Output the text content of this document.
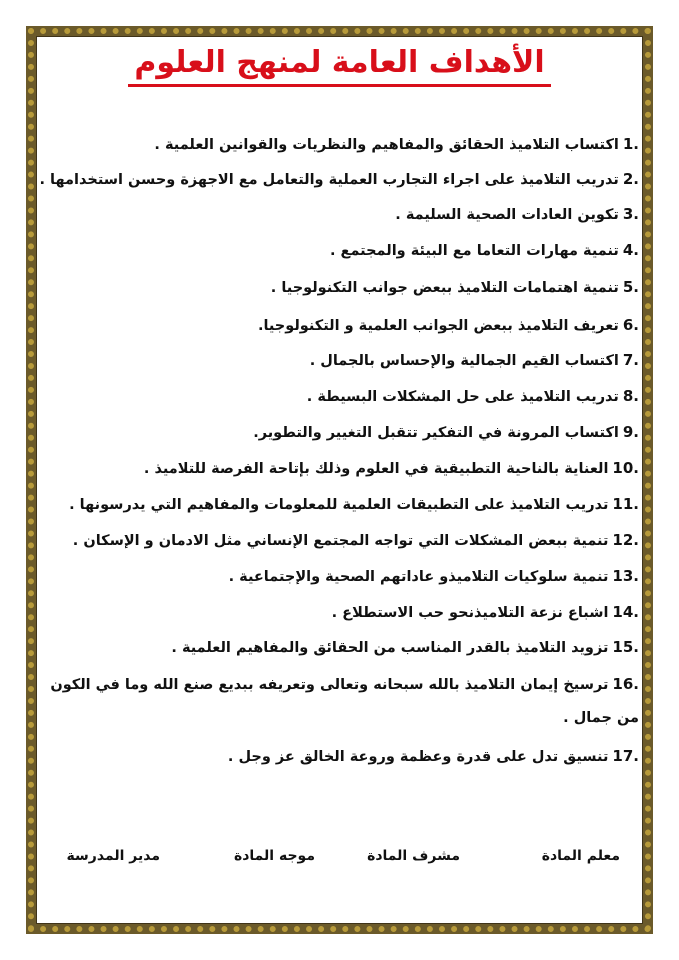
الأهداف العامة لمنهج العلوم
1.اكتساب التلاميذ الحقائق والمفاهيم والنظريات والقوانين العلمية .
2.تدريب التلاميذ على اجراء التجارب العملية والتعامل مع الاجهزة وحسن استخدامها .
3.تكوين العادات الصحية السليمة .
4.تنمية مهارات التعاما مع البيئة والمجتمع .
5.تنمية اهتمامات التلاميذ ببعض جوانب التكنولوجيا .
6.تعريف التلاميذ ببعض الجوانب العلمية و التكنولوجيا.
7.اكتساب القيم الجمالية والإحساس بالجمال .
8.تدريب التلاميذ على حل المشكلات البسيطة .
9.اكتساب المرونة في التفكير تتقبل التغيير والتطوير.
10.العناية بالناحية التطبيقية في العلوم وذلك بإتاحة الفرصة للتلاميذ .
11.تدريب التلاميذ على التطبيقات العلمية للمعلومات والمفاهيم التي يدرسونها .
12.تنمية ببعض المشكلات التي تواجه المجتمع الإنساني مثل الادمان و الإسكان .
13.تنمية سلوكيات التلاميذو عاداتهم الصحية والإجتماعية .
14.اشباع نزعة التلاميذنحو حب الاستطلاع .
15.تزويد التلاميذ بالقدر المناسب من الحقائق والمفاهيم العلمية .
16.ترسيخ إيمان التلاميذ بالله سبحانه وتعالى وتعريفه ببديع صنع الله وما في الكون من جمال .
17.تنسيق تدل على قدرة وعظمة وروعة الخالق عز وجل .
معلم المادة
مشرف المادة
موجه المادة
مدير المدرسة
